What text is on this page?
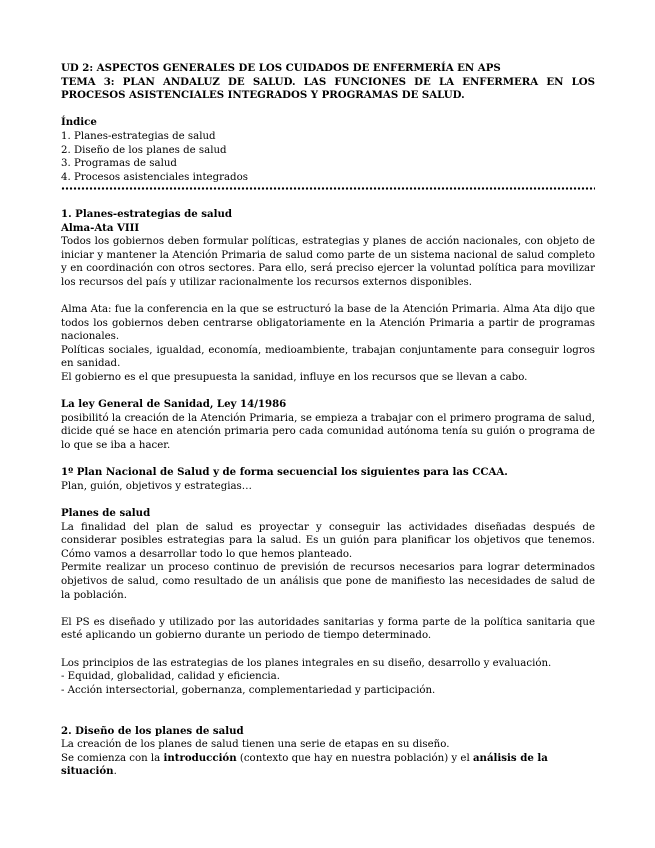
UD 2: ASPECTOS GENERALES DE LOS CUIDADOS DE ENFERMERÍA EN APS

TEMA 3: PLAN ANDALUZ DE SALUD. LAS FUNCIONES DE LA ENFERMERA EN LOS PROCESOS ASISTENCIALES INTEGRADOS Y PROGRAMAS DE SALUD.

Índice

1. Planes-estrategias de salud

2. Diseño de los planes de salud

3. Programas de salud

4. Procesos asistenciales integrados

1. Planes-estrategias de salud

Alma-Ata VIII

Todos los gobiernos deben formular políticas, estrategias y planes de acción nacionales, con objeto de iniciar y mantener la Atención Primaria de salud como parte de un sistema nacional de salud completo y en coordinación con otros sectores. Para ello, será preciso ejercer la voluntad política para movilizar los recursos del país y utilizar racionalmente los recursos externos disponibles.

Alma Ata: fue la conferencia en la que se estructuró la base de la Atención Primaria. Alma Ata dijo que todos los gobiernos deben centrarse obligatoriamente en la Atención Primaria a partir de programas nacionales.

Políticas sociales, igualdad, economía, medioambiente, trabajan conjuntamente para conseguir logros en sanidad.

El gobierno es el que presupuesta la sanidad, influye en los recursos que se llevan a cabo.

La ley General de Sanidad, Ley 14/1986

posibilitó la creación de la Atención Primaria, se empieza a trabajar con el primero programa de salud, dicide qué se hace en atención primaria pero cada comunidad autónoma tenía su guión o programa de lo que se iba a hacer.

1º Plan Nacional de Salud y de forma secuencial los siguientes para las CCAA.

Plan, guión, objetivos y estrategias…

Planes de salud

La finalidad del plan de salud es proyectar y conseguir las actividades diseñadas después de considerar posibles estrategias para la salud. Es un guión para planificar los objetivos que tenemos. Cómo vamos a desarrollar todo lo que hemos planteado.

Permite realizar un proceso continuo de previsión de recursos necesarios para lograr determinados objetivos de salud, como resultado de un análisis que pone de manifiesto las necesidades de salud de la población.

El PS es diseñado y utilizado por las autoridades sanitarias y forma parte de la política sanitaria que esté aplicando un gobierno durante un periodo de tiempo determinado.

Los principios de las estrategias de los planes integrales en su diseño, desarrollo y evaluación.

- Equidad, globalidad, calidad y eficiencia.

- Acción intersectorial, gobernanza, complementariedad y participación.

2. Diseño de los planes de salud

La creación de los planes de salud tienen una serie de etapas en su diseño.

Se comienza con la introducción (contexto que hay en nuestra población) y el análisis de la situación.
